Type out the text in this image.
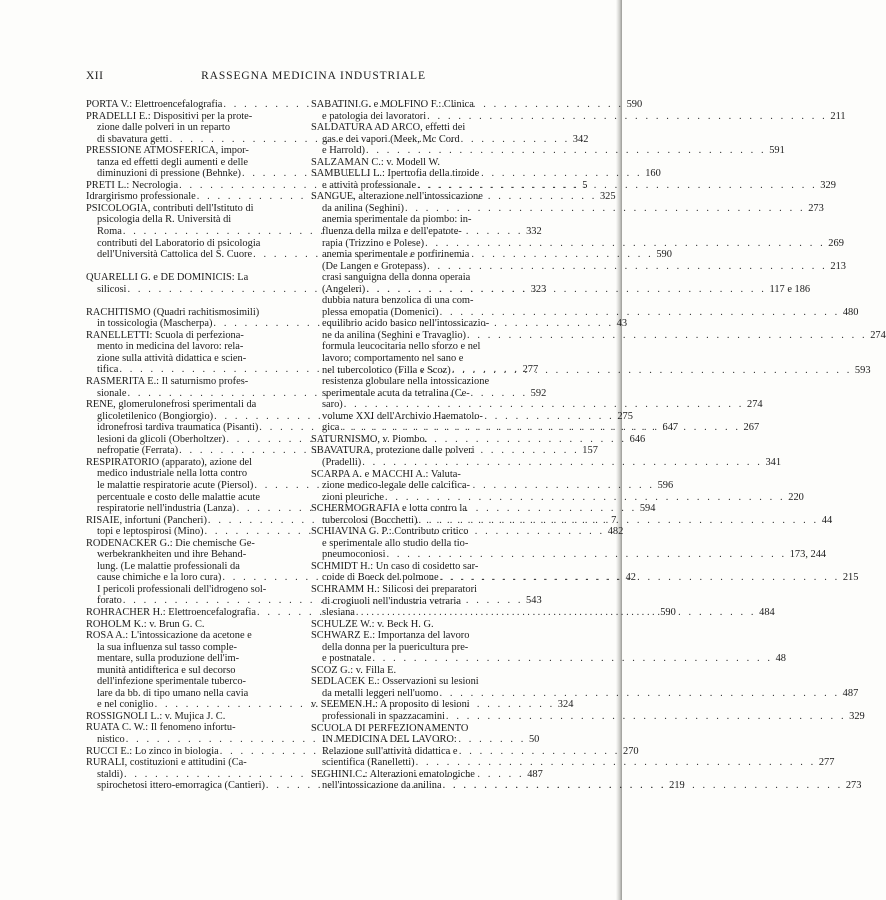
XII	RASSEGNA MEDICINA INDUSTRIALE
PORTA V.: Elettroencefalografia . . .	590
PRADELLI E.: Dispositivi per la prote-
zione dalle polveri in un reparto
di sbavatura getti . . .	342
PRESSIONE ATMOSFERICA, impor-
tanza ed effetti degli aumenti e delle
diminuzioni di pressione (Behnke) . . .	160
PRETI L.: Necrologia . . .	5
Idrargirismo professionale . . .	325
PSICOLOGIA, contributi dell'Istituto di
psicologia della R. Università di
Roma . . .	332
contributi del Laboratorio di psicologia
dell'Università Cattolica del S. Cuore . . .	590
QUARELLI G. e DE DOMINICIS: La
silicosi . . .	323
RACHITISMO (Quadri rachitismosimili)
in tossicologia (Mascherpa) . . .	43
RANELLETTI: Scuola di perfeziona-
mento in medicina del lavoro: rela-
zione sulla attività didattica e scien-
tifica . . .	277
RASMERITA E.: Il saturnismo profes-
sionale . . .	592
RENE, glomerulonefrosi sperimentali da
glicoletilenico (Bongiorgio) . . .	275
idronefrosi tardiva traumatica (Pisanti) . . .	647
lesioni da glicoli (Oberholtzer) . . .	646
nefropatie (Ferrata) . . .	157
RESPIRATORIO (apparato), azione del
medico industriale nella lotta contro
le malattie respiratorie acute (Piersol) . . .	596
percentuale e costo delle malattie acute
respiratorie nell'industria (Lanza) . . .	594
RISAIE, infortuni (Pancheri) . . .	7
topi e leptospirosi (Mino) . . .	482
RODENACKER G.: Die chemische Ge-
werbekrankheiten und ihre Behand-
lung. (Le malattie professionali da
cause chimiche e la loro cura) . . .	42
I pericoli professionali dell'idrogeno sol-
forato . . .	543
ROHRACHER H.: Elettroencefalografia . . .	590
ROHOLM K.: v. Brun G. C.
ROSA A.: L'intossicazione da acetone e
la sua influenza sul tasso comple-
mentare, sulla produzione dell'im-
munità antidifterica e sul decorso
dell'infezione sperimentale tuberco-
lare da bb. di tipo umano nella cavia
e nel coniglio . . .	324
ROSSIGNOLI L.: v. Mujica J. C.
RUATA C. W.: Il fenomeno infortu-
nistico . . .	50
RUCCI E.: Lo zinco in biologia . . .	270
RURALI, costituzioni e attitudini (Ca-
staldi) . . .	487
spirochetosi ittero-emorragica (Cantieri) . . .	219
SABATINI G. e MOLFINO F.: Clinica
e patologia dei lavoratori . . .	211
SALDATURA AD ARCO, effetti dei
gas e dei vapori (Meek, Mc Cord
e Harrold) . . .	591
SALZAMAN C.: v. Modell W.
SAMBUELLI L.: Ipertrofia della tiroide
e attività professionale . . .	329
SANGUE, alterazione nell'intossicazione
da anilina (Seghini) . . .	273
anemia sperimentale da piombo: in-
fluenza della milza e dell'epatote-
rapia (Trizzino e Polese) . . .	269
anemia sperimentale e porfirinemia
(De Langen e Grotepass) . . .	213
crasi sanguigna della donna operaia
(Angeleri) . . .	117 e 186
dubbia natura benzolica di una com-
plessa emopatia (Domenici) . . .	480
equilibrio acido basico nell'intossicazio-
ne da anilina (Seghini e Travaglio) . . .	274
formula leucocitaria nello sforzo e nel
lavoro; comportamento nel sano e
nel tubercolotico (Filla e Scoz) . . .	593
resistenza globulare nella intossicazione
sperimentale acuta da tetralina (Ce-
saro) . . .	274
volume XXI dell'Archivio Haematolo-
gica . . .	267
SATURNISMO, v. Piombo.
SBAVATURA, protezione dalle polveri
(Pradelli) . . .	341
SCARPA A. e MACCHI A.: Valuta-
zione medico-legale delle calcifica-
zioni pleuriche . . .	220
SCHERMOGRAFIA e lotta contro la
tubercolosi (Bocchetti) . . .	44
SCHIAVINA G. P.: Contributo critico
e sperimentale allo studio della tio-
pneumoconiosi . . .	173, 244
SCHMIDT H.: Un caso di cosidetto sar-
coide di Boeck del polmone . . .	215
SCHRAMM H.: Silicosi dei preparatori
di crogiuoli nell'industria vetraria
slesiana . . .	484
SCHULZE W.: v. Beck H. G.
SCHWARZ E.: Importanza del lavoro
della donna per la puericultura pre-
e postnatale . . .	48
SCOZ G.: v. Filla E.
SEDLACEK E.: Osservazioni su lesioni
da metalli leggeri nell'uomo . . .	487
v. SEEMEN H.: A proposito di lesioni
professionali in spazzacamini . . .	329
SCUOLA DI PERFEZIONAMENTO
IN MEDICINA DEL LAVORO:
Relazione sull'attività didattica e
scientifica (Ranelletti) . . .	277
SEGHINI C.: Alterazioni ematologiche
nell'intossicazione da anilina . . .	273
